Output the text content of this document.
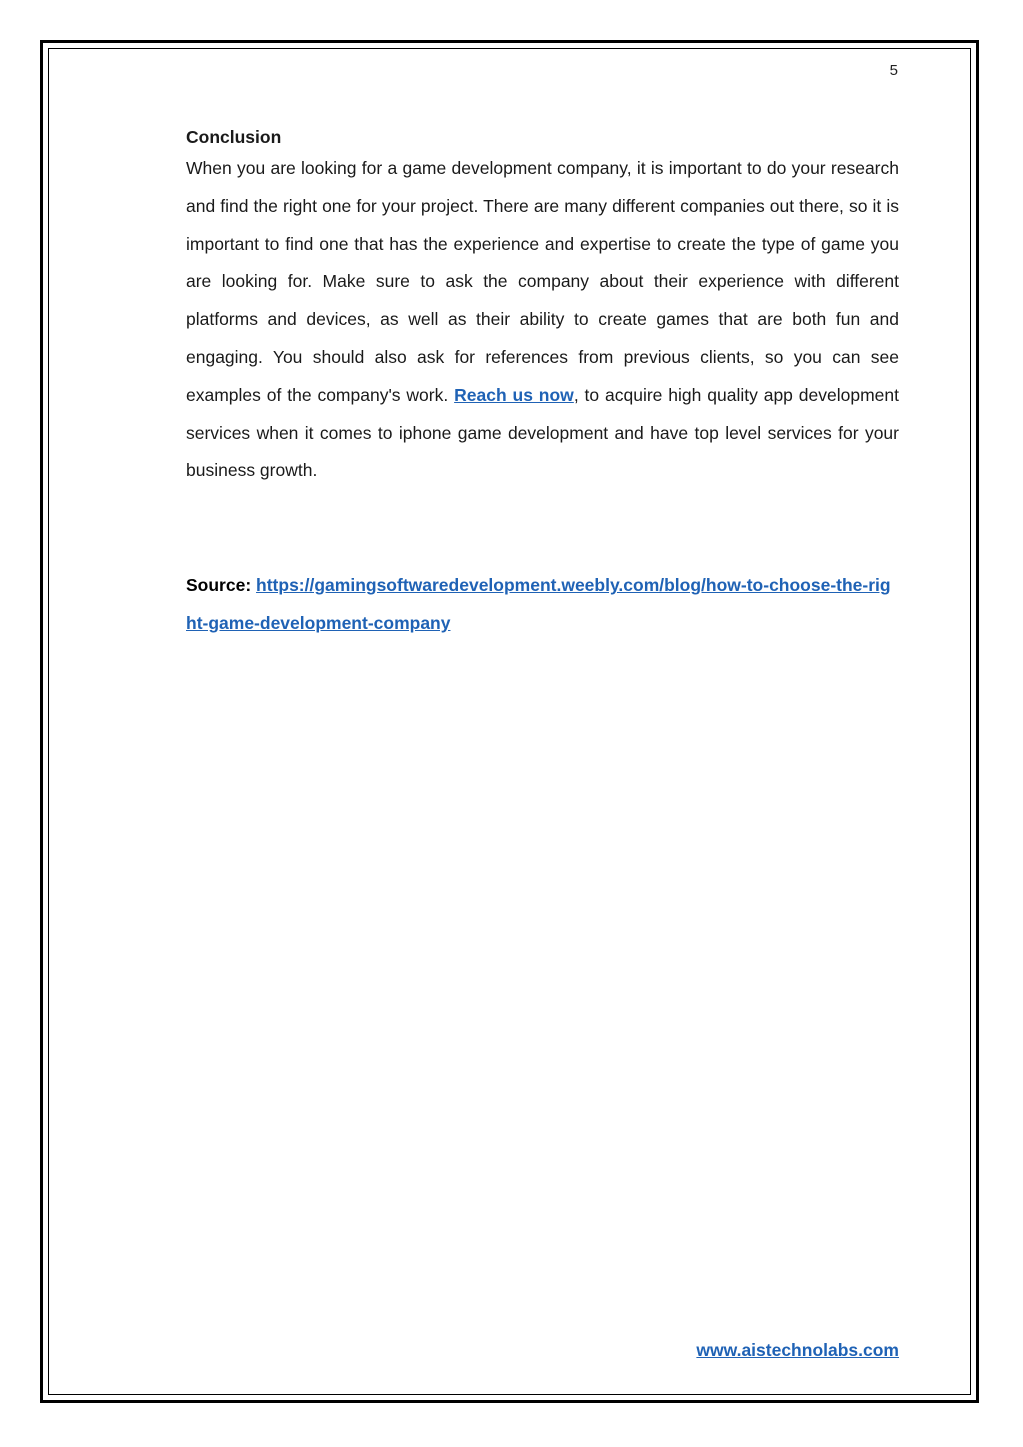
5

Conclusion

When you are looking for a game development company, it is important to do your research and find the right one for your project. There are many different companies out there, so it is important to find one that has the experience and expertise to create the type of game you are looking for. Make sure to ask the company about their experience with different platforms and devices, as well as their ability to create games that are both fun and engaging. You should also ask for references from previous clients, so you can see examples of the company's work. Reach us now, to acquire high quality app development services when it comes to iphone game development and have top level services for your business growth.

Source: https://gamingsoftwaredevelopment.weebly.com/blog/how-to-choose-the-right-game-development-company

www.aistechnolabs.com
